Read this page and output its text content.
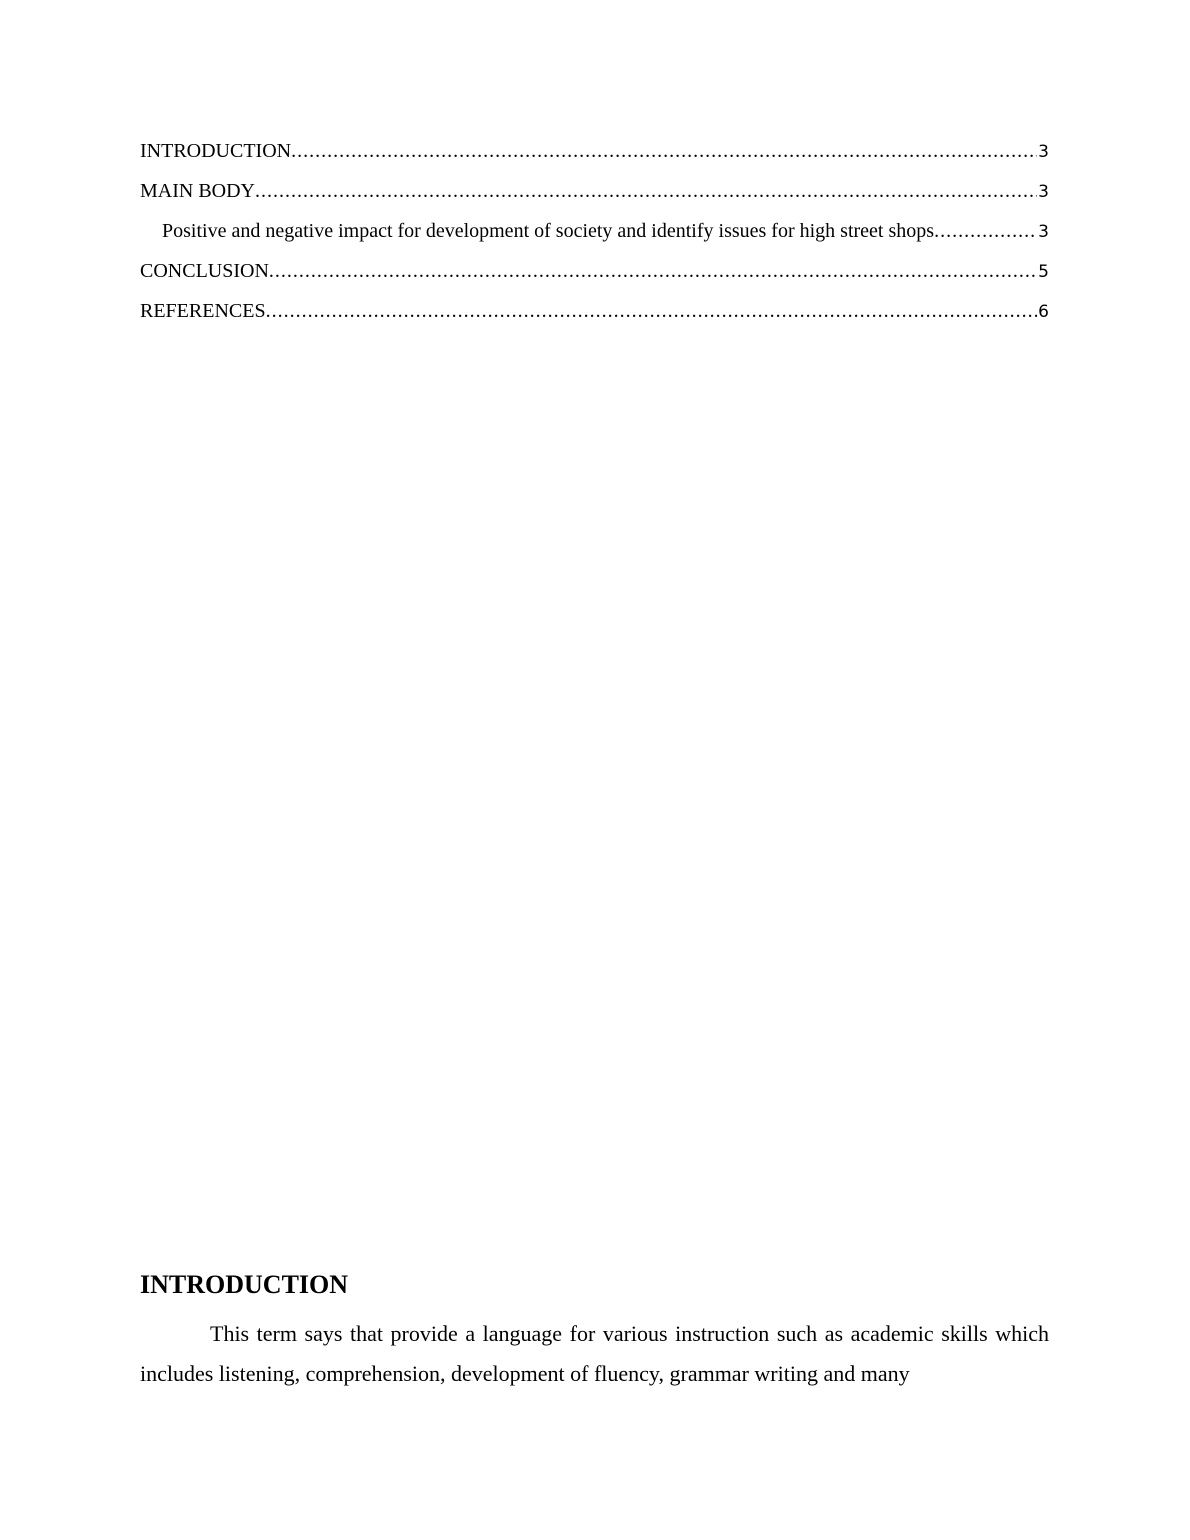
INTRODUCTION .....	3
MAIN BODY .....	3
Positive and negative impact for development of society and identify issues for high street shops .....	3
CONCLUSION .....	5
REFERENCES .....	6
INTRODUCTION

This term says that provide a language for various instruction such as academic skills which includes listening, comprehension, development of fluency, grammar writing and many
